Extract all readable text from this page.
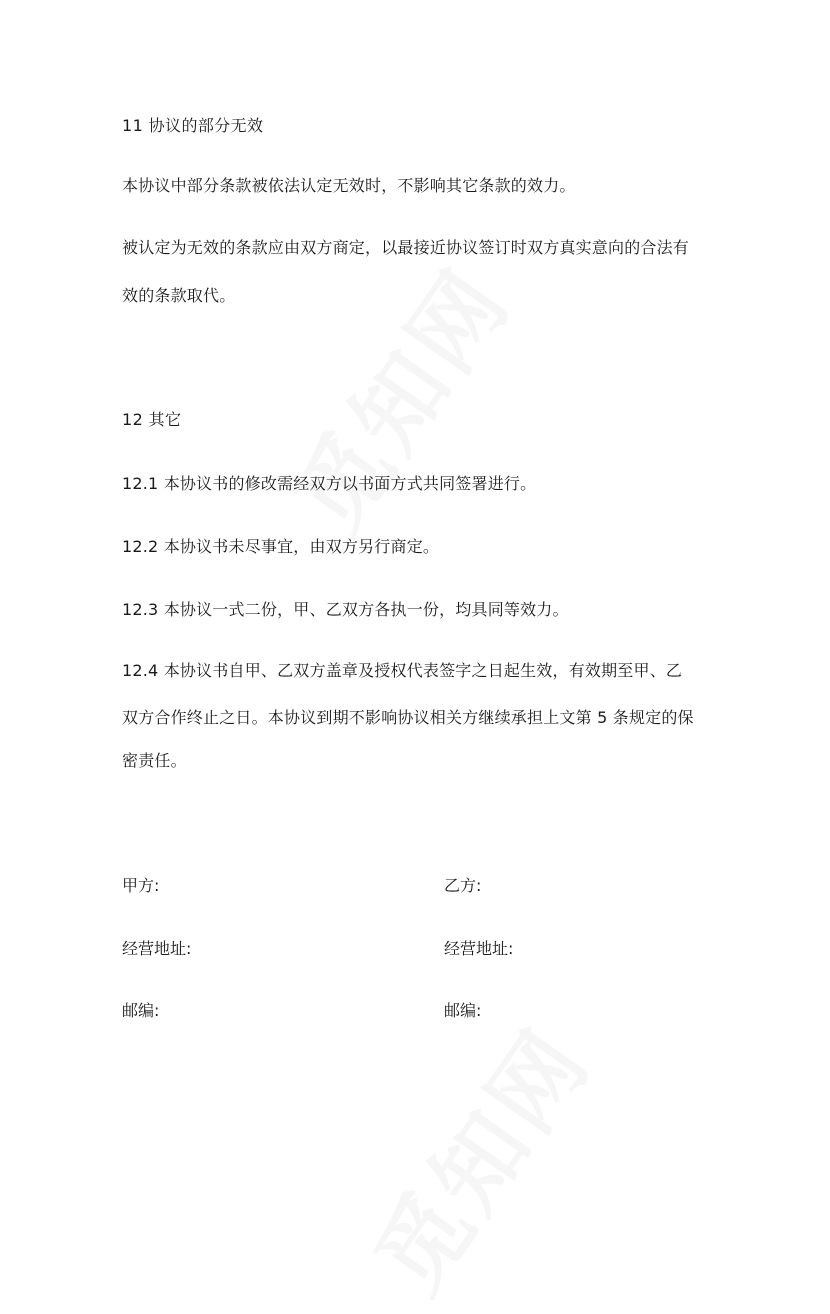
11 协议的部分无效
本协议中部分条款被依法认定无效时，不影响其它条款的效力。
被认定为无效的条款应由双方商定，以最接近协议签订时双方真实意向的合法有
效的条款取代。
12 其它
12.1 本协议书的修改需经双方以书面方式共同签署进行。
12.2 本协议书未尽事宜，由双方另行商定。
12.3 本协议一式二份，甲、乙双方各执一份，均具同等效力。
12.4 本协议书自甲、乙双方盖章及授权代表签字之日起生效，有效期至甲、乙
双方合作终止之日。本协议到期不影响协议相关方继续承担上文第 5 条规定的保
密责任。
甲方:	乙方:
经营地址:	经营地址:
邮编:	邮编:
